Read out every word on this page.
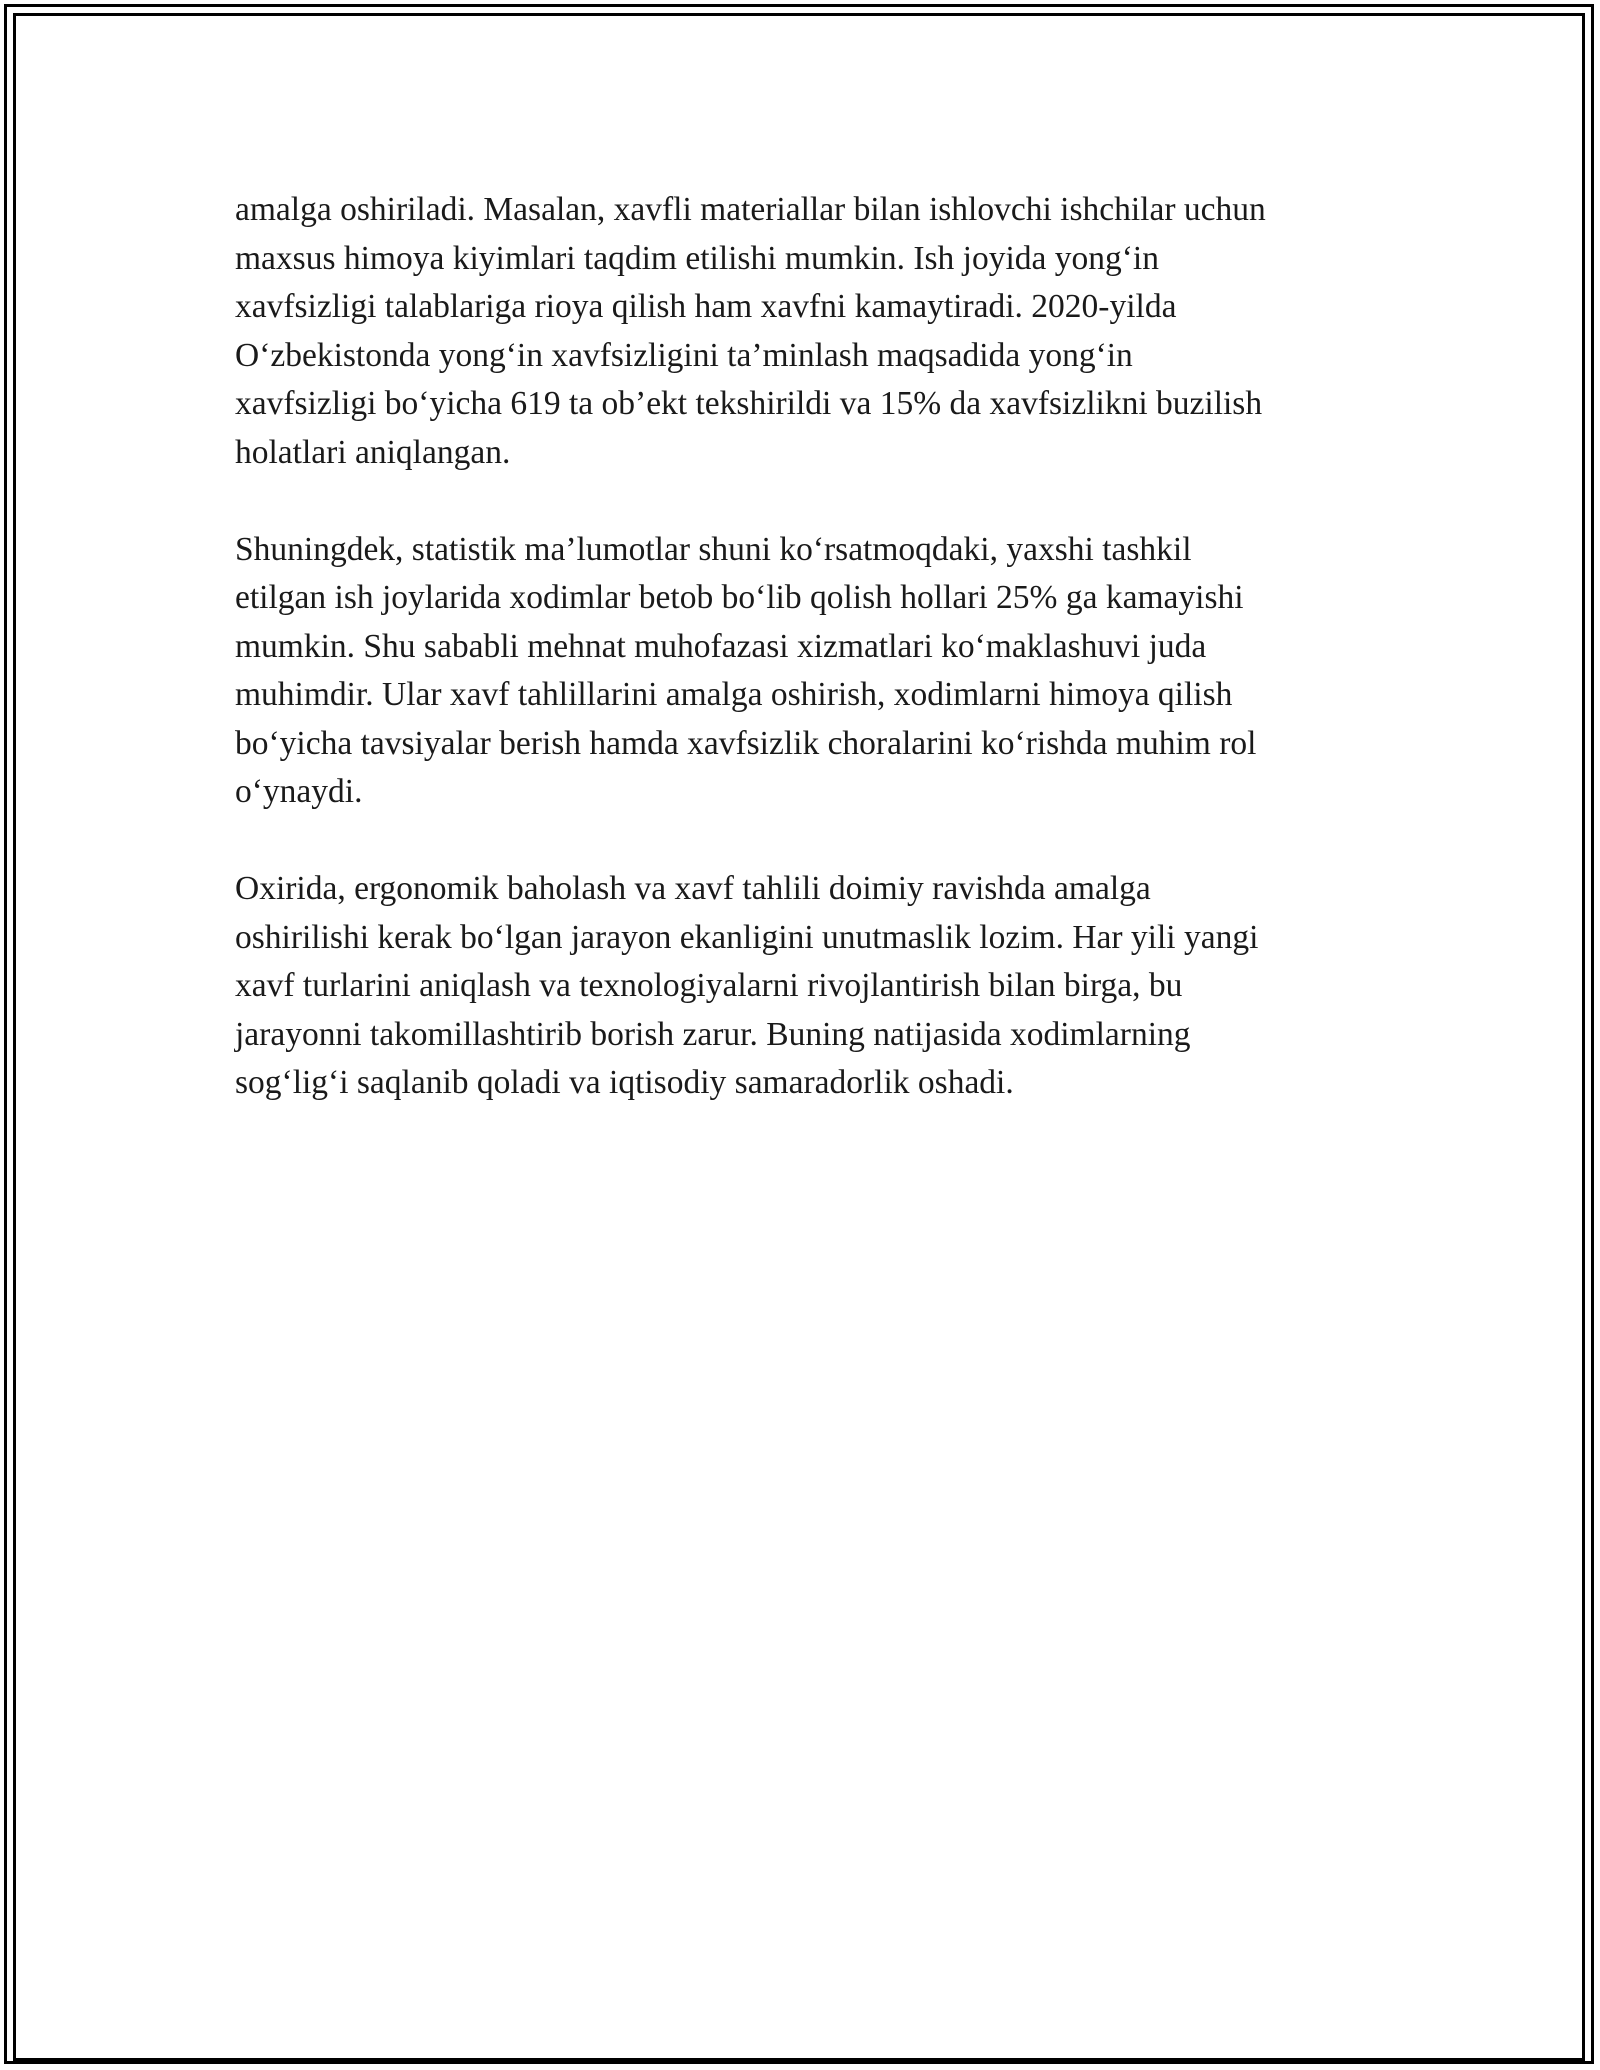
amalga oshiriladi. Masalan, xavfli materiallar bilan ishlovchi ishchilar uchun
maxsus himoya kiyimlari taqdim etilishi mumkin. Ish joyida yong‘in
xavfsizligi talablariga rioya qilish ham xavfni kamaytiradi. 2020-yilda
O‘zbekistonda yong‘in xavfsizligini ta’minlash maqsadida yong‘in
xavfsizligi bo‘yicha 619 ta ob’ekt tekshirildi va 15% da xavfsizlikni buzilish
holatlari aniqlangan.

Shuningdek, statistik ma’lumotlar shuni ko‘rsatmoqdaki, yaxshi tashkil
etilgan ish joylarida xodimlar betob bo‘lib qolish hollari 25% ga kamayishi
mumkin. Shu sababli mehnat muhofazasi xizmatlari ko‘maklashuvi juda
muhimdir. Ular xavf tahlillarini amalga oshirish, xodimlarni himoya qilish
bo‘yicha tavsiyalar berish hamda xavfsizlik choralarini ko‘rishda muhim rol
o‘ynaydi.

Oxirida, ergonomik baholash va xavf tahlili doimiy ravishda amalga
oshirilishi kerak bo‘lgan jarayon ekanligini unutmaslik lozim. Har yili yangi
xavf turlarini aniqlash va texnologiyalarni rivojlantirish bilan birga, bu
jarayonni takomillashtirib borish zarur. Buning natijasida xodimlarning
sog‘lig‘i saqlanib qoladi va iqtisodiy samaradorlik oshadi.
